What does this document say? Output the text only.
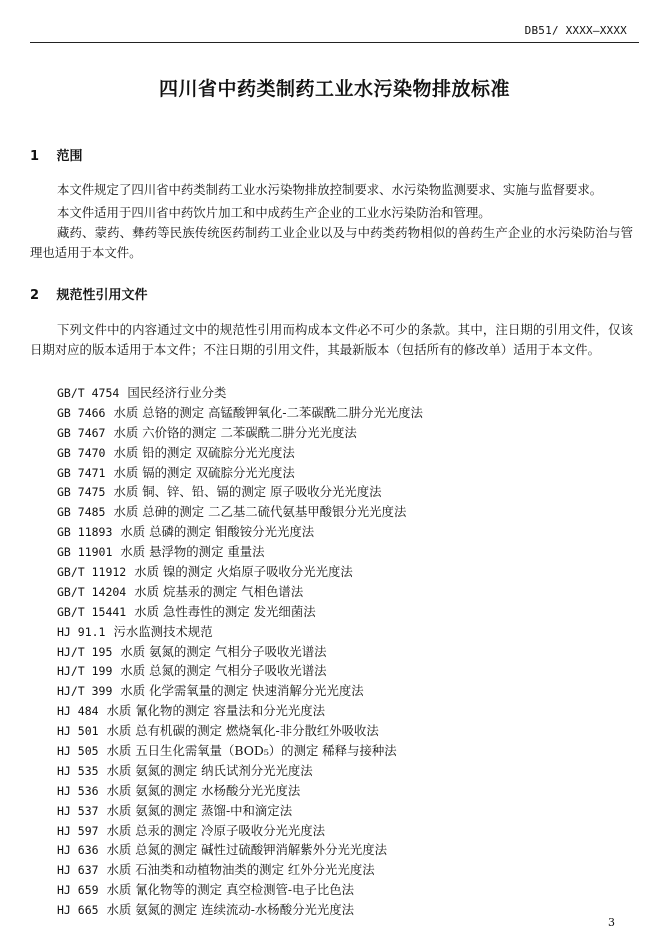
DB51/ XXXX—XXXX
四川省中药类制药工业水污染物排放标准
1 范围

本文件规定了四川省中药类制药工业水污染物排放控制要求、水污染物监测要求、实施与监督要求。

本文件适用于四川省中药饮片加工和中成药生产企业的工业水污染防治和管理。

藏药、蒙药、彝药等民族传统医药制药工业企业以及与中药类药物相似的兽药生产企业的水污染防治与管理也适用于本文件。

2 规范性引用文件

下列文件中的内容通过文中的规范性引用而构成本文件必不可少的条款。其中，注日期的引用文件，仅该日期对应的版本适用于本文件；不注日期的引用文件，其最新版本（包括所有的修改单）适用于本文件。

GB/T 4754 国民经济行业分类
GB 7466 水质 总铬的测定 高锰酸钾氧化-二苯碳酰二肼分光光度法
GB 7467 水质 六价铬的测定 二苯碳酰二肼分光光度法
GB 7470 水质 铅的测定 双硫腙分光光度法
GB 7471 水质 镉的测定 双硫腙分光光度法
GB 7475 水质 铜、锌、铅、镉的测定 原子吸收分光光度法
GB 7485 水质 总砷的测定 二乙基二硫代氨基甲酸银分光光度法
GB 11893 水质 总磷的测定 钼酸铵分光光度法
GB 11901 水质 悬浮物的测定 重量法
GB/T 11912 水质 镍的测定 火焰原子吸收分光光度法
GB/T 14204 水质 烷基汞的测定 气相色谱法
GB/T 15441 水质 急性毒性的测定 发光细菌法
HJ 91.1 污水监测技术规范
HJ/T 195 水质 氨氮的测定 气相分子吸收光谱法
HJ/T 199 水质 总氮的测定 气相分子吸收光谱法
HJ/T 399 水质 化学需氧量的测定 快速消解分光光度法
HJ 484 水质 氰化物的测定 容量法和分光光度法
HJ 501 水质 总有机碳的测定 燃烧氧化-非分散红外吸收法
HJ 505 水质 五日生化需氧量（BOD₅）的测定 稀释与接种法
HJ 535 水质 氨氮的测定 纳氏试剂分光光度法
HJ 536 水质 氨氮的测定 水杨酸分光光度法
HJ 537 水质 氨氮的测定 蒸馏-中和滴定法
HJ 597 水质 总汞的测定 冷原子吸收分光光度法
HJ 636 水质 总氮的测定 碱性过硫酸钾消解紫外分光光度法
HJ 637 水质 石油类和动植物油类的测定 红外分光光度法
HJ 659 水质 氰化物等的测定 真空检测管-电子比色法
HJ 665 水质 氨氮的测定 连续流动-水杨酸分光光度法
3
